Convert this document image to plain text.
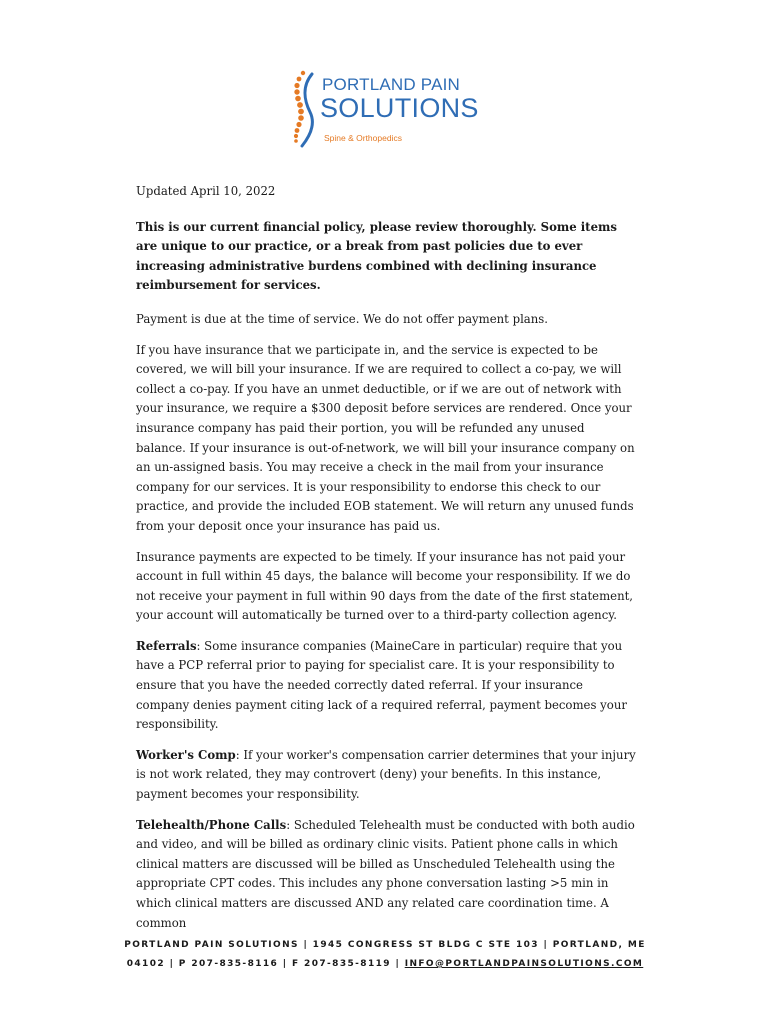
PORTLAND PAIN
SOLUTIONS
Spine & Orthopedics

Updated April 10, 2022

This is our current financial policy, please review thoroughly. Some items are unique to our practice, or a break from past policies due to ever increasing administrative burdens combined with declining insurance reimbursement for services.

Payment is due at the time of service. We do not offer payment plans.

If you have insurance that we participate in, and the service is expected to be covered, we will bill your insurance. If we are required to collect a co-pay, we will collect a co-pay. If you have an unmet deductible, or if we are out of network with your insurance, we require a $300 deposit before services are rendered. Once your insurance company has paid their portion, you will be refunded any unused balance. If your insurance is out-of-network, we will bill your insurance company on an un-assigned basis. You may receive a check in the mail from your insurance company for our services. It is your responsibility to endorse this check to our practice, and provide the included EOB statement. We will return any unused funds from your deposit once your insurance has paid us.

Insurance payments are expected to be timely. If your insurance has not paid your account in full within 45 days, the balance will become your responsibility. If we do not receive your payment in full within 90 days from the date of the first statement, your account will automatically be turned over to a third-party collection agency.

Referrals: Some insurance companies (MaineCare in particular) require that you have a PCP referral prior to paying for specialist care. It is your responsibility to ensure that you have the needed correctly dated referral. If your insurance company denies payment citing lack of a required referral, payment becomes your responsibility.

Worker's Comp: If your worker's compensation carrier determines that your injury is not work related, they may controvert (deny) your benefits. In this instance, payment becomes your responsibility.

Telehealth/Phone Calls: Scheduled Telehealth must be conducted with both audio and video, and will be billed as ordinary clinic visits. Patient phone calls in which clinical matters are discussed will be billed as Unscheduled Telehealth using the appropriate CPT codes. This includes any phone conversation lasting >5 min in which clinical matters are discussed AND any related care coordination time. A common

PORTLAND PAIN SOLUTIONS | 1945 CONGRESS ST BLDG C STE 103 | PORTLAND, ME
04102 | P 207-835-8116 | F 207-835-8119 | INFO@PORTLANDPAINSOLUTIONS.COM
